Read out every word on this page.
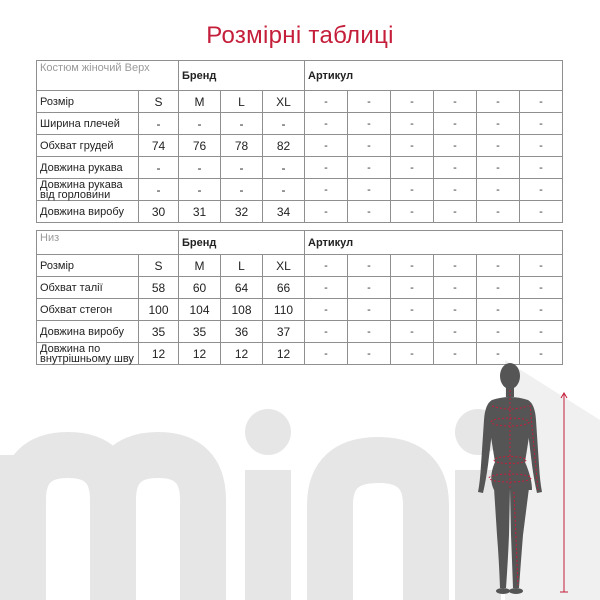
Розмірні таблиці
Костюм жіночий Верх		Бренд			Артикул					
Розмір	S	M	L	XL	-	-	-	-	-	-
Ширина плечей	-	-	-	-	-	-	-	-	-	-
Обхват грудей	74	76	78	82	-	-	-	-	-	-
Довжина рукава	-	-	-	-	-	-	-	-	-	-
Довжина рукава від горловини	-	-	-	-	-	-	-	-	-	-
Довжина виробу	30	31	32	34	-	-	-	-	-	-
Низ		Бренд			Артикул					
Розмір	S	M	L	XL	-	-	-	-	-	-
Обхват талії	58	60	64	66	-	-	-	-	-	-
Обхват стегон	100	104	108	110	-	-	-	-	-	-
Довжина виробу	35	35	36	37	-	-	-	-	-	-
Довжина по внутрішньому шву	12	12	12	12	-	-	-	-	-	-
